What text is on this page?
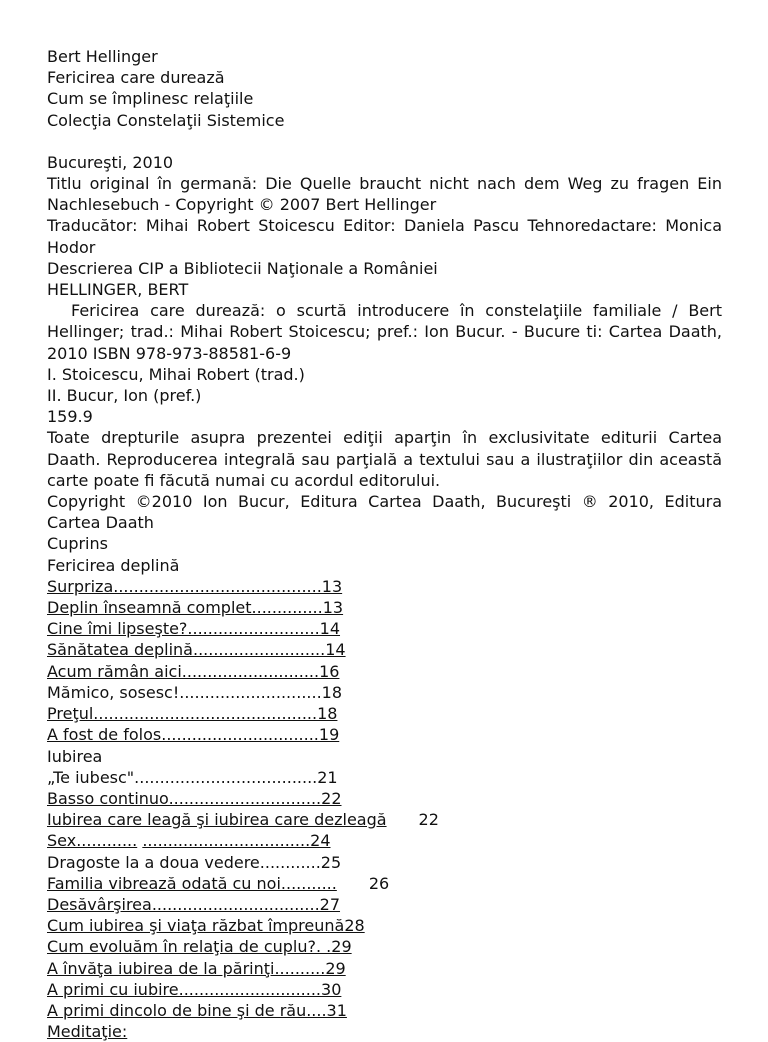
Bert Hellinger

Fericirea care durează

Cum se împlinesc relaţiile

Colecţia Constelaţii Sistemice

Bucureşti, 2010

Titlu original în germană: Die Quelle braucht nicht nach dem Weg zu fragen Ein Nachlesebuch - Copyright © 2007 Bert Hellinger

Traducător: Mihai Robert Stoicescu Editor: Daniela Pascu Tehnoredactare: Monica Hodor

Descrierea CIP a Bibliotecii Naţionale a României

HELLINGER, BERT

Fericirea care durează: o scurtă introducere în constelaţiile familiale / Bert Hellinger; trad.: Mihai Robert Stoicescu; pref.: Ion Bucur. - Bucure ti: Cartea Daath, 2010 ISBN 978-973-88581-6-9

I. Stoicescu, Mihai Robert (trad.)

II. Bucur, Ion (pref.)

159.9

Toate drepturile asupra prezentei ediţii aparţin în exclusivitate editurii Cartea Daath. Reproducerea integrală sau parţială a textului sau a ilustraţiilor din această carte poate fi făcută numai cu acordul editorului.

Copyright ©2010 Ion Bucur, Editura Cartea Daath, Bucureşti ® 2010, Editura Cartea Daath

Cuprins

Fericirea deplină

Surpriza.........................................13

Deplin înseamnă complet..............13

Cine îmi lipseşte?..........................14

Sănătatea deplină..........................14

Acum rămân aici...........................16

Mămico, sosesc!............................18

Preţul............................................18

A fost de folos...............................19

Iubirea

„Te iubesc"....................................21

Basso continuo..............................22

Iubirea care leagă şi iubirea care dezleagă 22

Sex............ .................................24

Dragoste la a doua vedere............25

Familia vibrează odată cu noi........... 26

Desăvârşirea.................................27

Cum iubirea şi viaţa răzbat împreună28

Cum evoluăm în relaţia de cuplu?. .29

A învăţa iubirea de la părinţi..........29

A primi cu iubire............................30

A primi dincolo de bine şi de rău....31

Meditaţie:
